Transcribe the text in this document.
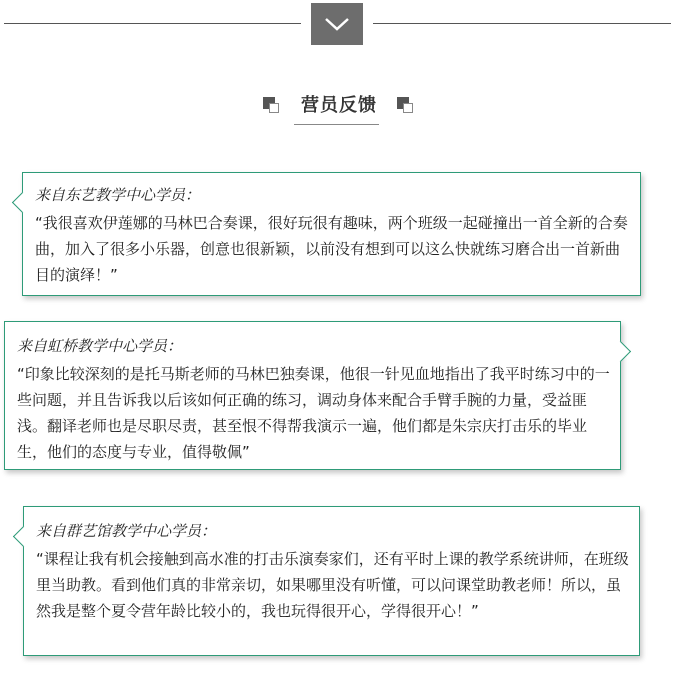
营员反馈
来自东艺教学中心学员：
“我很喜欢伊莲娜的马林巴合奏课，很好玩很有趣味，两个班级一起碰撞出一首全新的合奏曲，加入了很多小乐器，创意也很新颖，以前没有想到可以这么快就练习磨合出一首新曲目的演绎！”
来自虹桥教学中心学员：
“印象比较深刻的是托马斯老师的马林巴独奏课，他很一针见血地指出了我平时练习中的一些问题，并且告诉我以后该如何正确的练习，调动身体来配合手臂手腕的力量，受益匪浅。翻译老师也是尽职尽责，甚至恨不得帮我演示一遍，他们都是朱宗庆打击乐的毕业生，他们的态度与专业，值得敬佩”
来自群艺馆教学中心学员：
“课程让我有机会接触到高水准的打击乐演奏家们，还有平时上课的教学系统讲师，在班级里当助教。看到他们真的非常亲切，如果哪里没有听懂，可以问课堂助教老师！所以，虽然我是整个夏令营年龄比较小的，我也玩得很开心，学得很开心！”
